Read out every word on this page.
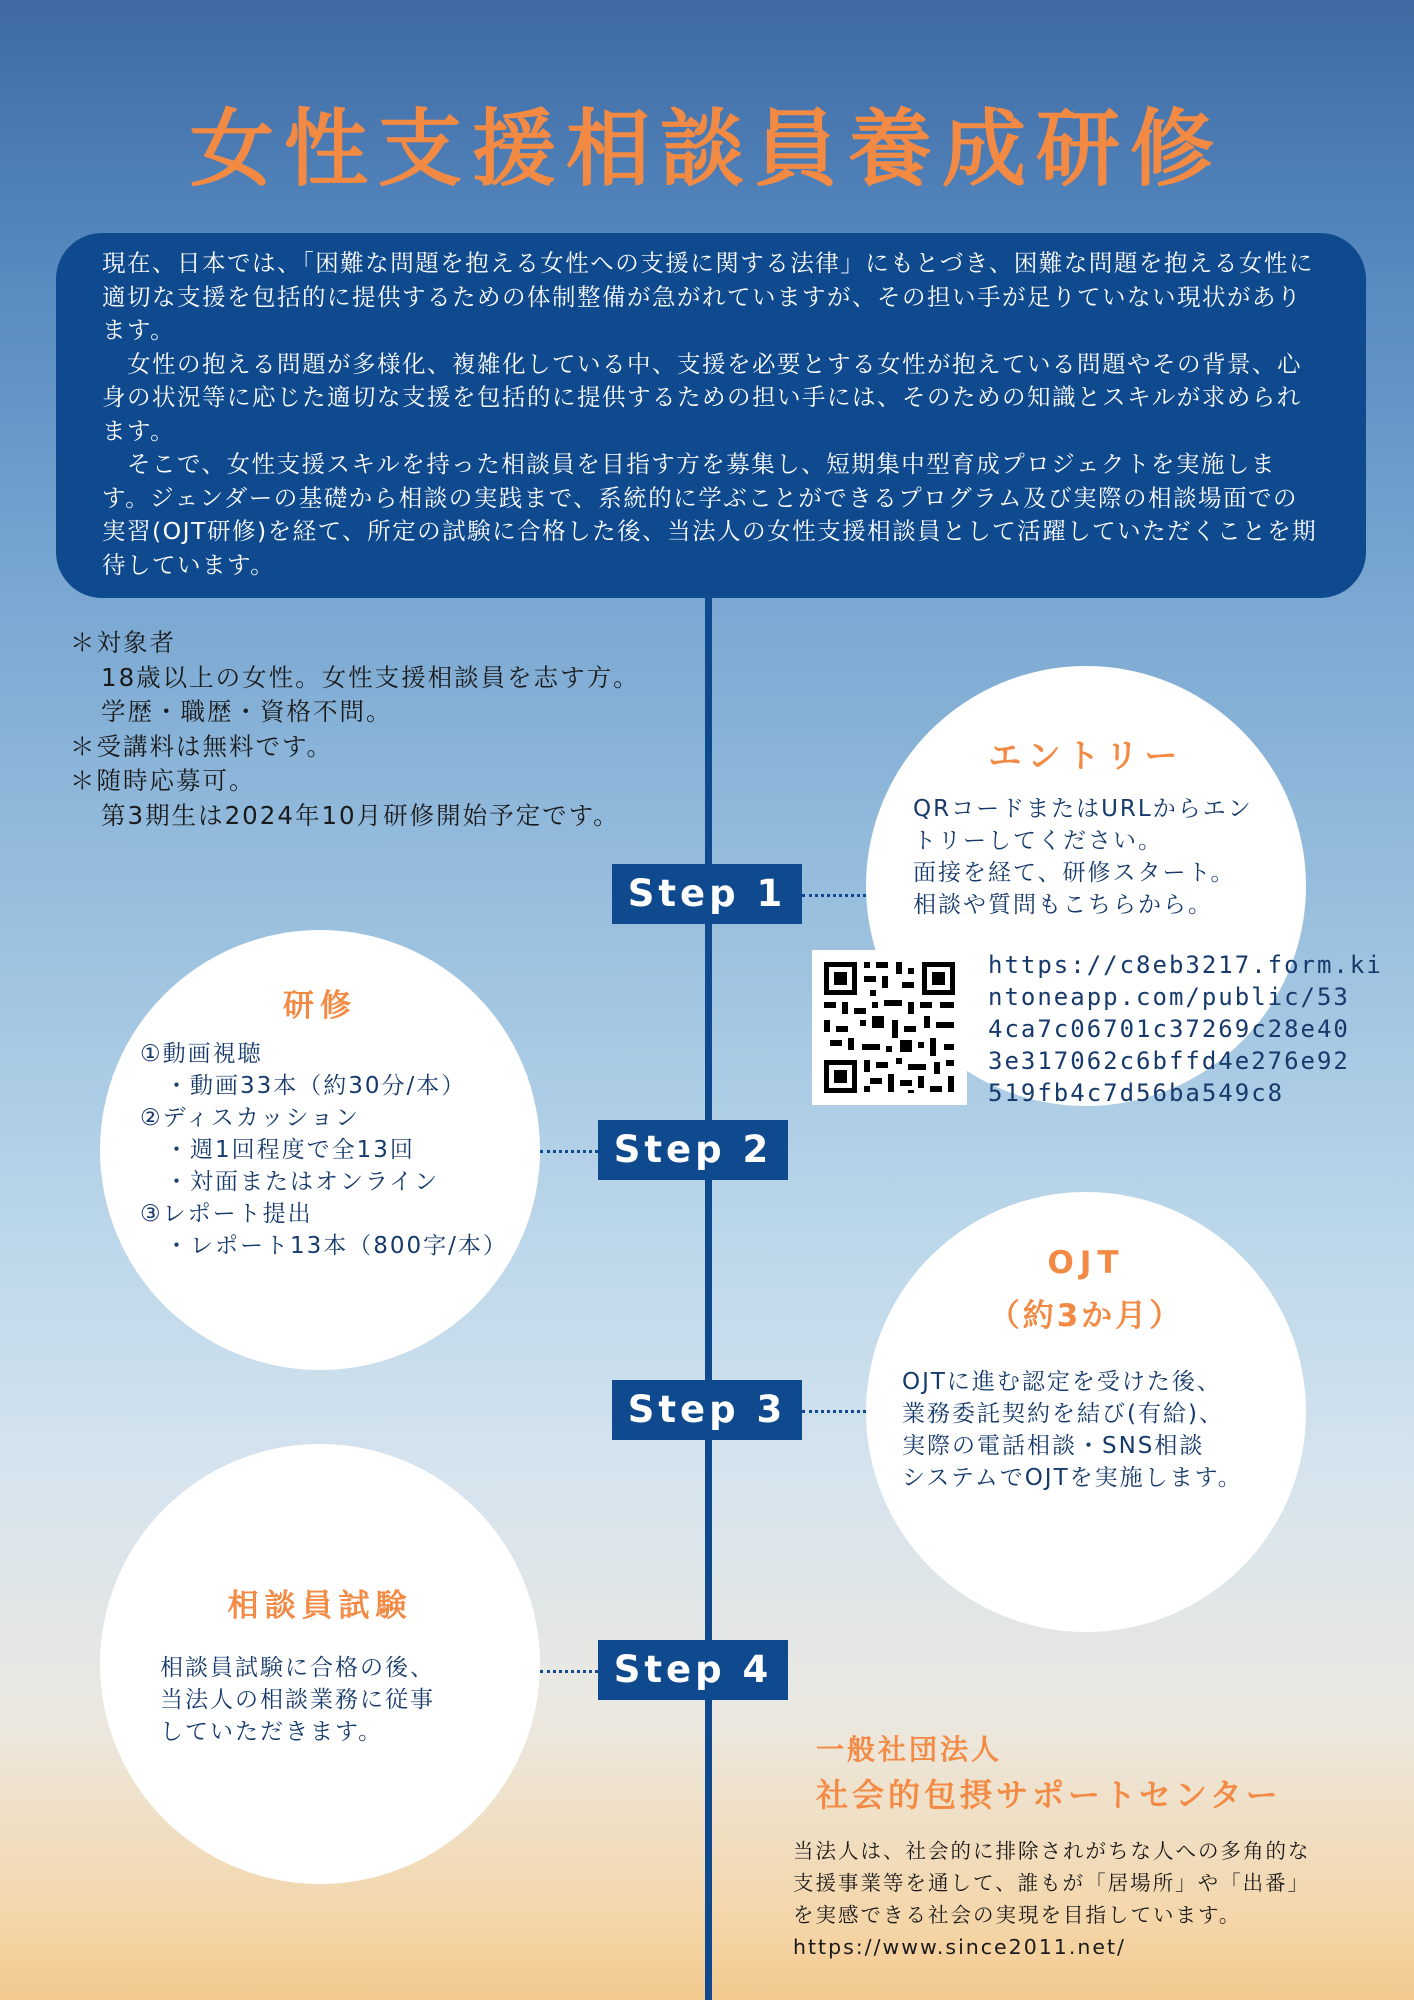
女性支援相談員養成研修

現在、日本では、「困難な問題を抱える女性への支援に関する法律」にもとづき、困難な問題を抱える女性に適切な支援を包括的に提供するための体制整備が急がれていますが、その担い手が足りていない現状があります。

　女性の抱える問題が多様化、複雑化している中、支援を必要とする女性が抱えている問題やその背景、心身の状況等に応じた適切な支援を包括的に提供するための担い手には、そのための知識とスキルが求められます。

　そこで、女性支援スキルを持った相談員を目指す方を募集し、短期集中型育成プロジェクトを実施します。ジェンダーの基礎から相談の実践まで、系統的に学ぶことができるプログラム及び実際の相談場面での実習(OJT研修)を経て、所定の試験に合格した後、当法人の女性支援相談員として活躍していただくことを期待しています。

＊対象者
18歳以上の女性。女性支援相談員を志す方。
学歴・職歴・資格不問。
＊受講料は無料です。
＊随時応募可。
第3期生は2024年10月研修開始予定です。
エントリー
QRコードまたはURLからエン
トリーしてください。
面接を経て、研修スタート。
相談や質問もこちらから。
https://c8eb3217.form.ki
ntoneapp.com/public/53
4ca7c06701c37269c28e40
3e317062c6bffd4e276e92
519fb4c7d56ba549c8
Step 1
研修
①動画視聴
　・動画33本（約30分/本）
②ディスカッション
　・週1回程度で全13回
　・対面またはオンライン
③レポート提出
　・レポート13本（800字/本）
Step 2
OJT
（約3か月）
OJTに進む認定を受けた後、
業務委託契約を結び(有給)、
実際の電話相談・SNS相談
システムでOJTを実施します。
Step 3
相談員試験
相談員試験に合格の後、
当法人の相談業務に従事
していただきます。
Step 4
一般社団法人
社会的包摂サポートセンター
当法人は、社会的に排除されがちな人への多角的な
支援事業等を通して、誰もが「居場所」や「出番」
を実感できる社会の実現を目指しています。
https://www.since2011.net/
